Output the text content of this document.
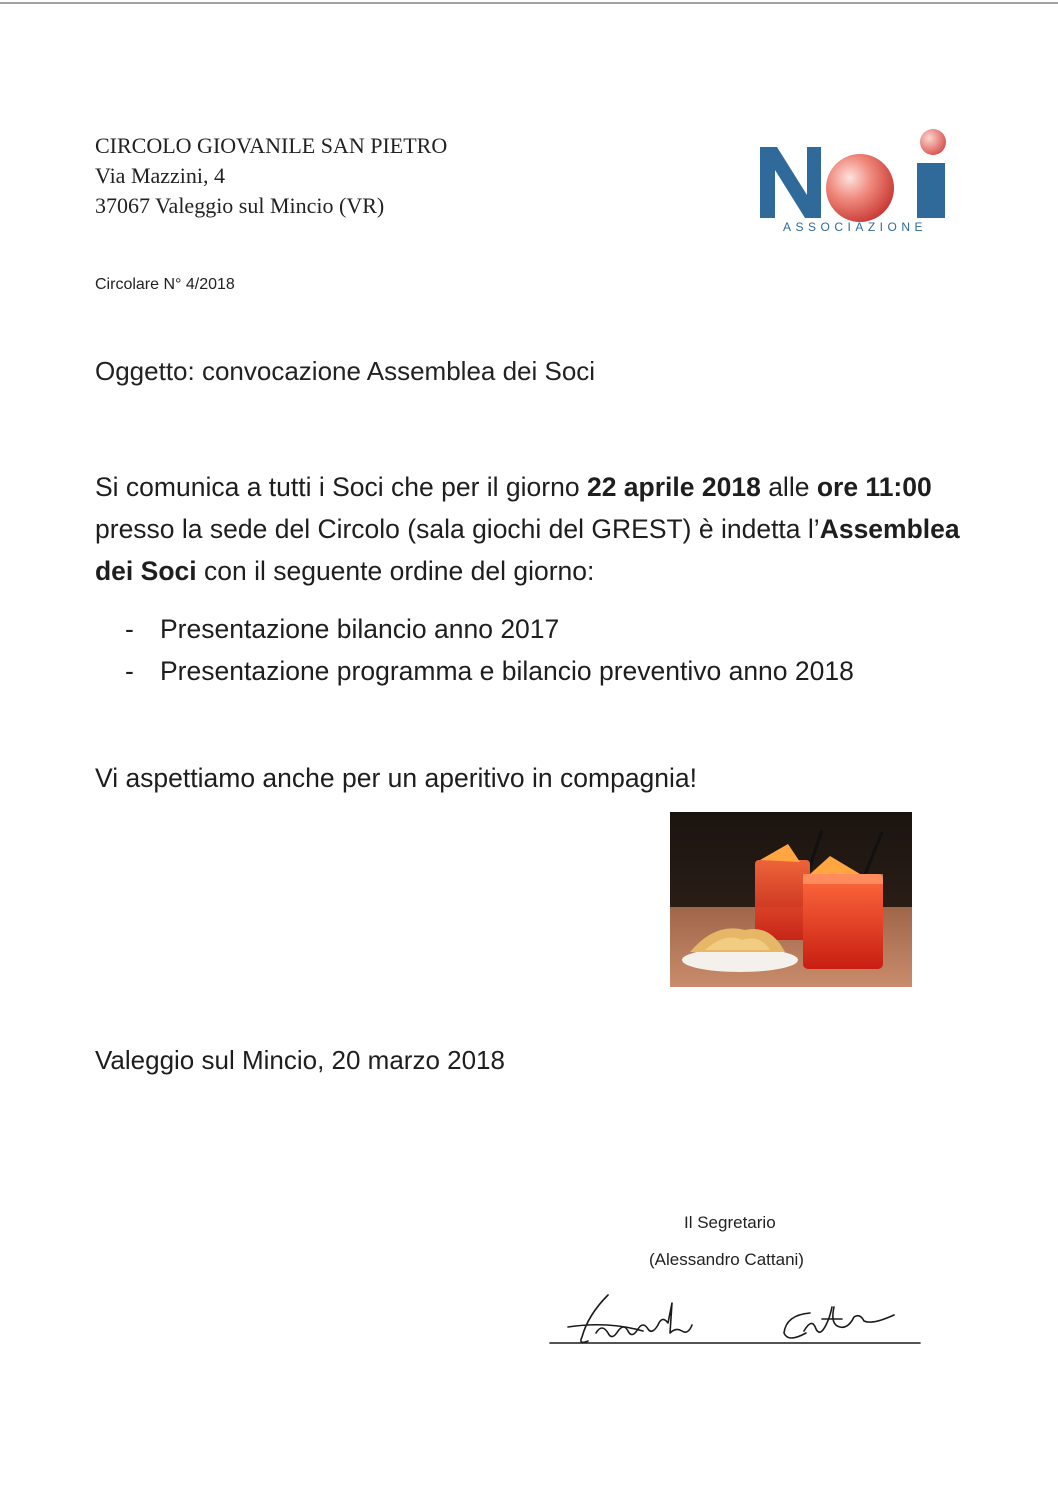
CIRCOLO GIOVANILE SAN PIETRO
Via Mazzini, 4
37067 Valeggio sul Mincio (VR)
ASSOCIAZIONE
Circolare N° 4/2018
Oggetto: convocazione Assemblea dei Soci
Si comunica a tutti i Soci che per il giorno 22 aprile 2018 alle ore 11:00 presso la sede del Circolo (sala giochi del GREST) è indetta l’Assemblea dei Soci con il seguente ordine del giorno:
- Presentazione bilancio anno 2017
- Presentazione programma e bilancio preventivo anno 2018
Vi aspettiamo anche per un aperitivo in compagnia!
Valeggio sul Mincio, 20 marzo 2018
Il Segretario
(Alessandro Cattani)
